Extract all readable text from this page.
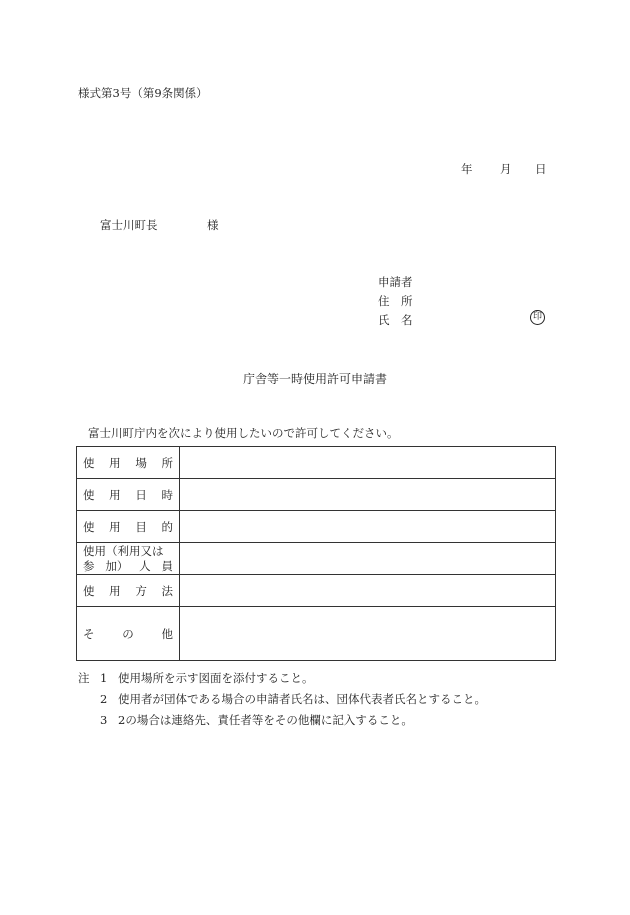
様式第3号（第9条関係）
年 月 日
富士川町長	様
申請者
住　所
氏　名	印
庁舎等一時使用許可申請書
富士川町庁内を次により使用したいので許可してください。
使 用 場 所	

使 用 日 時	

使 用 目 的	

使用（利用又は
参 加） 人 員	

使 用 方 法	

そ の 他	

注 1 使用場所を示す図面を添付すること。
2 使用者が団体である場合の申請者氏名は、団体代表者氏名とすること。
3 2の場合は連絡先、責任者等をその他欄に記入すること。
